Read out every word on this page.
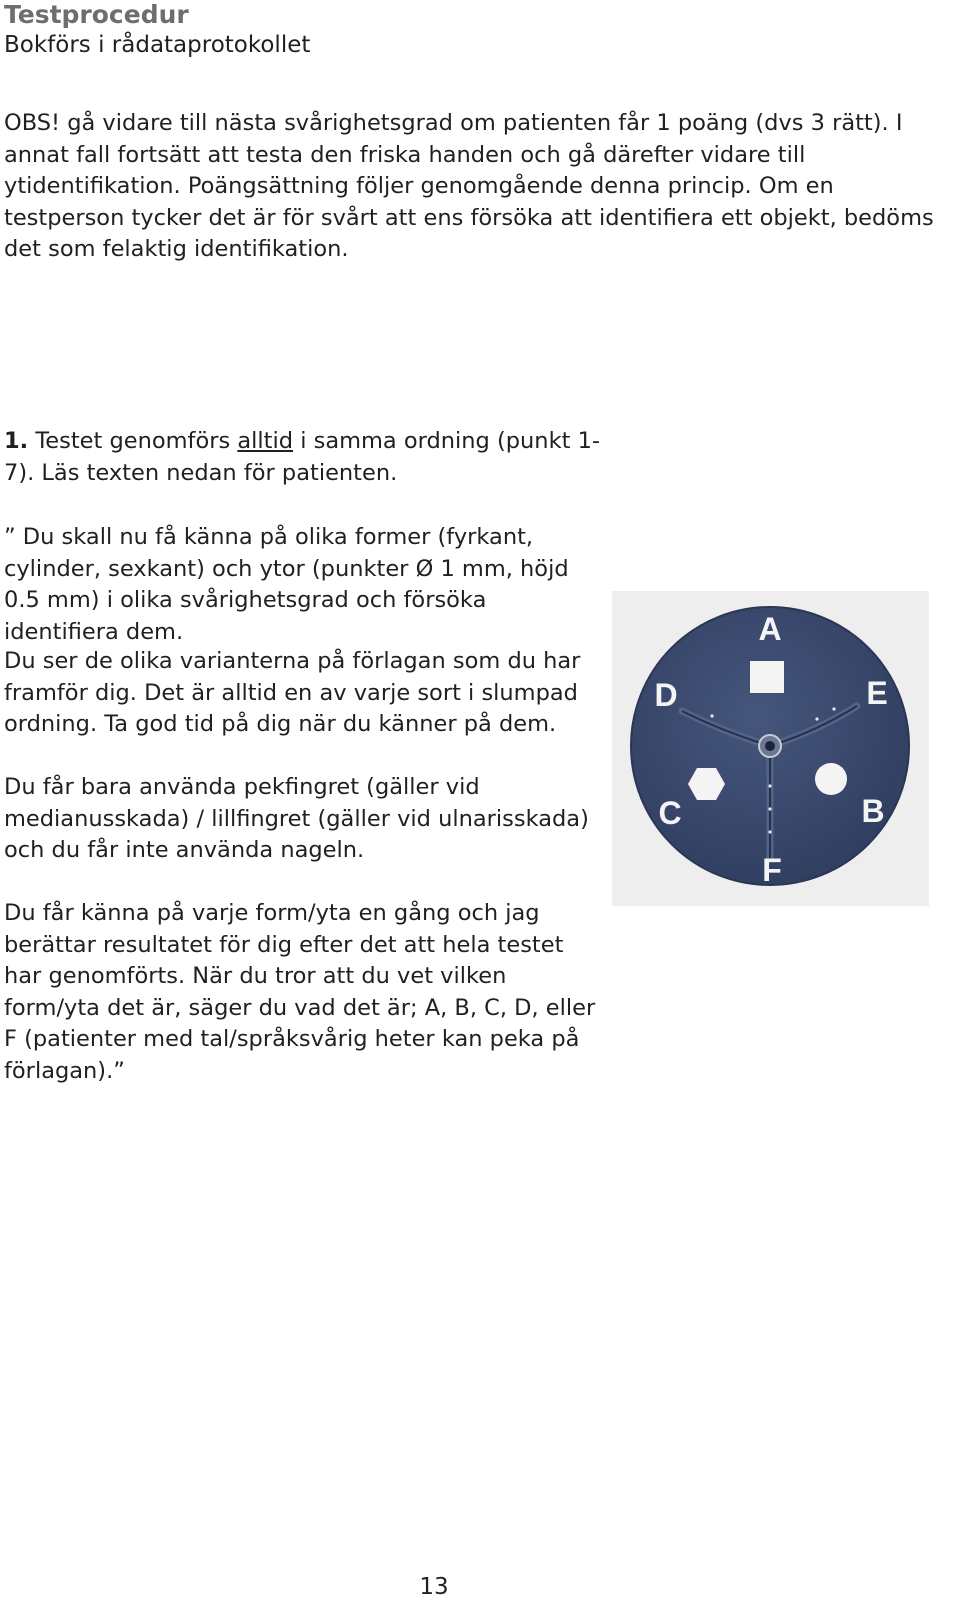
Testprocedur
Bokförs i rådataprotokollet

OBS! gå vidare till nästa svårighetsgrad om patienten får 1 poäng (dvs 3 rätt). I annat fall fortsätt att testa den friska handen och gå därefter vidare till ytidentifikation. Poängsättning följer genomgående denna princip. Om en testperson tycker det är för svårt att ens försöka att identifiera ett objekt, bedöms det som felaktig identifikation.

1. Testet genomförs alltid i samma ordning (punkt 1-7). Läs texten nedan för patienten.

” Du skall nu få känna på olika former (fyrkant, cylinder, sexkant) och ytor (punkter Ø 1 mm, höjd 0.5 mm) i olika svårighetsgrad och försöka identifiera dem.

Du ser de olika varianterna på förlagan som du har framför dig. Det är alltid en av varje sort i slumpad ordning. Ta god tid på dig när du känner på dem.

Du får bara använda pekfingret (gäller vid medianusskada) / lillfingret (gäller vid ulnarisskada) och du får inte använda nageln.

Du får känna på varje form/yta en gång och jag berättar resultatet för dig efter det att hela testet har genomförts. När du tror att du vet vilken form/yta det är, säger du vad det är; A, B, C, D, eller F (patienter med tal/språksvårig heter kan peka på förlagan).”

A
D	E
C	B
F
13
